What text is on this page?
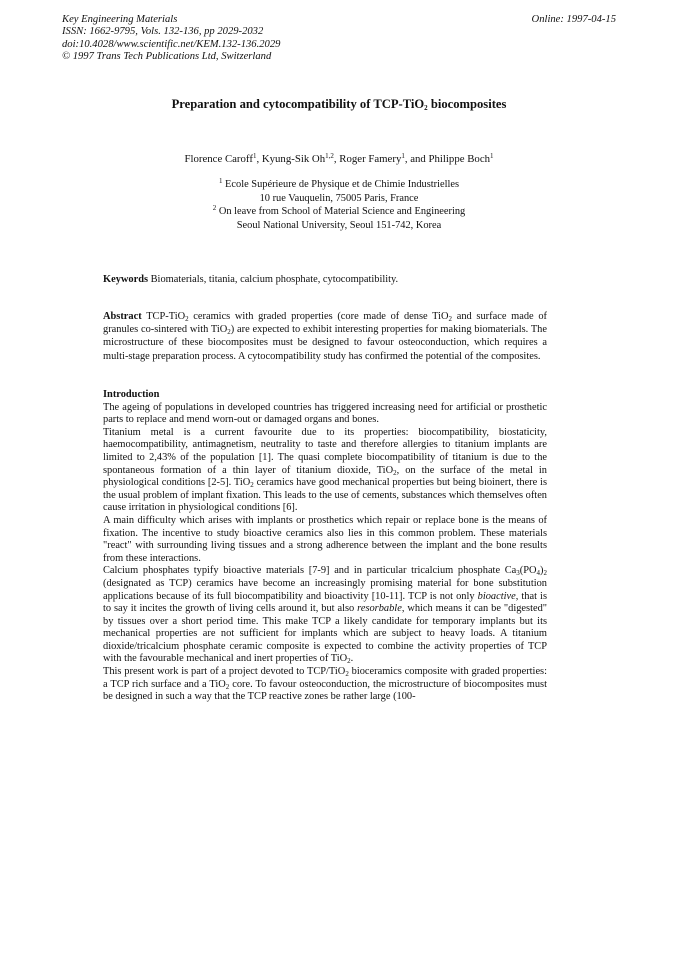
Key Engineering Materials
ISSN: 1662-9795, Vols. 132-136, pp 2029-2032
doi:10.4028/www.scientific.net/KEM.132-136.2029
© 1997 Trans Tech Publications Ltd, Switzerland
Online: 1997-04-15
Preparation and cytocompatibility of TCP-TiO$_2$ biocomposites
Florence Caroff$^1$, Kyung-Sik Oh$^{1,2}$, Roger Famery$^1$, and Philippe Boch$^1$
$^1$ Ecole Supérieure de Physique et de Chimie Industrielles
10 rue Vauquelin, 75005 Paris, France
$^2$ On leave from School of Material Science and Engineering
Seoul National University, Seoul 151-742, Korea
Keywords Biomaterials, titania, calcium phosphate, cytocompatibility.
Abstract TCP-TiO$_2$ ceramics with graded properties (core made of dense TiO$_2$ and surface made of granules co-sintered with TiO$_2$) are expected to exhibit interesting properties for making biomaterials. The microstructure of these biocomposites must be designed to favour osteoconduction, which requires a multi-stage preparation process. A cytocompatibility study has confirmed the potential of the composites.
Introduction

The ageing of populations in developed countries has triggered increasing need for artificial or prosthetic parts to replace and mend worn-out or damaged organs and bones.

Titanium metal is a current favourite due to its properties: biocompatibility, biostaticity, haemocompatibility, antimagnetism, neutrality to taste and therefore allergies to titanium implants are limited to 2,43% of the population [1]. The quasi complete biocompatibility of titanium is due to the spontaneous formation of a thin layer of titanium dioxide, TiO$_2$, on the surface of the metal in physiological conditions [2-5]. TiO$_2$ ceramics have good mechanical properties but being bioinert, there is the usual problem of implant fixation. This leads to the use of cements, substances which themselves often cause irritation in physiological conditions [6].

A main difficulty which arises with implants or prosthetics which repair or replace bone is the means of fixation. The incentive to study bioactive ceramics also lies in this common problem. These materials "react" with surrounding living tissues and a strong adherence between the implant and the bone results from these interactions.

Calcium phosphates typify bioactive materials [7-9] and in particular tricalcium phosphate $Ca_3(PO_4)_2$ (designated as TCP) ceramics have become an increasingly promising material for bone substitution applications because of its full biocompatibility and bioactivity [10-11]. TCP is not only bioactive, that is to say it incites the growth of living cells around it, but also resorbable, which means it can be "digested" by tissues over a short period time. This make TCP a likely candidate for temporary implants but its mechanical properties are not sufficient for implants which are subject to heavy loads. A titanium dioxide/tricalcium phosphate ceramic composite is expected to combine the activity properties of TCP with the favourable mechanical and inert properties of TiO$_2$.

This present work is part of a project devoted to TCP/TiO$_2$ bioceramics composite with graded properties: a TCP rich surface and a TiO$_2$ core. To favour osteoconduction, the microstructure of biocomposites must be designed in such a way that the TCP reactive zones be rather large (100-
